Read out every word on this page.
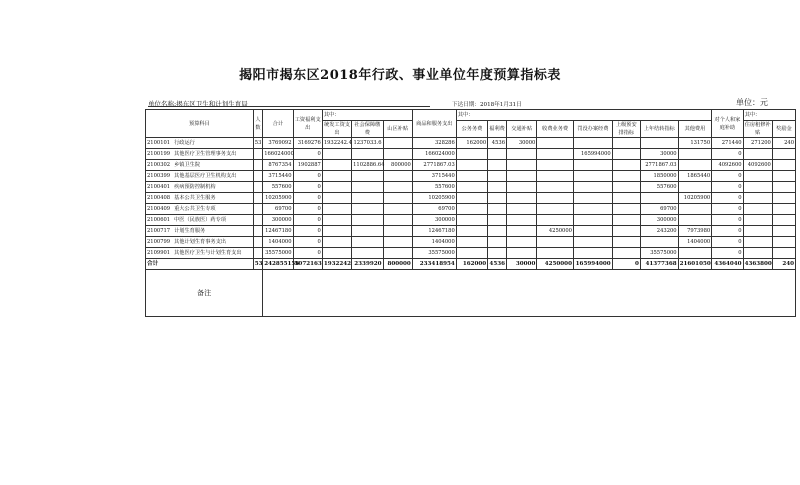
揭阳市揭东区2018年行政、事业单位年度预算指标表
单位名称:揭东区卫生和计划生育局	下达日期：2018年1月31日	单位：元
预算科目	人数	合计	工资福利支出	其中：			商品和服务支出	其中：								对个人和家庭补助	其中：	
				统发工资支出	社会保障缴费	山区补贴		公务务费	福利费	交通补贴	收费业务费	罚没办案经费	上级预安排指标	上年结转指标	其他费用		住房租修补贴	奖励金
2100101 行政运行	53	3769092	3169276	1932242.4	1237033.6		328286	162000	4536	30000					131750	271440	271200	240
2100199 其他医疗卫生管理事务支出		166024000	0				166024000					165994000		30000		0		
2100302 乡镇卫生院		8767354	1902887		1102886.64	800000	2771867.03							2771867.03		4092600	4092600	
2100399 其他基层医疗卫生机构支出		3715440	0				3715440							1850000	1865440	0		
2100401 疾病预防控制机构		557600	0				557600							557600		0		
2100408 基本公共卫生服务		10205900	0				10205900								10205900	0		
2100409 重大公共卫生专项		69700	0				69700							69700		0		
2100601 中医（民族医）药专项		300000	0				300000							300000		0		
2100717 计划生育服务		12467180	0				12467180				4250000			243200	7973980	0		
2100799 其他计划生育事务支出		1404000	0				1404000								1404000	0		
2109901 其他医疗卫生与计划生育支出		35575000	0				35575000							35575000		0		
合计	53	242855156	5072163	1932242	2339920	800000	233418954	162000	4536	30000	4250000	165994000	0	41377368	21601050	4364040	4363800	240
备注																		
